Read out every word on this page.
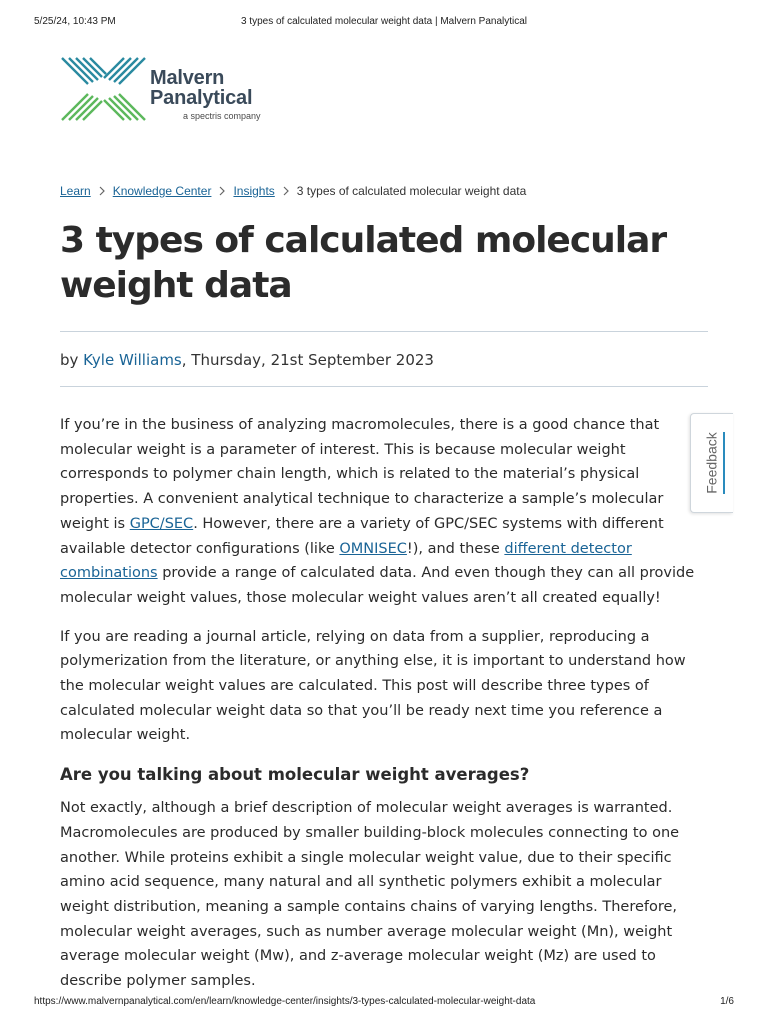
5/25/24, 10:43 PM	3 types of calculated molecular weight data | Malvern Panalytical
Malvern
Panalytical
a spectris company
Learn Knowledge Center Insights 3 types of calculated molecular weight data
3 types of calculated molecular weight data
by Kyle Williams, Thursday, 21st September 2023

If you’re in the business of analyzing macromolecules, there is a good chance that molecular weight is a parameter of interest. This is because molecular weight corresponds to polymer chain length, which is related to the material’s physical properties. A convenient analytical technique to characterize a sample’s molecular weight is GPC/SEC. However, there are a variety of GPC/SEC systems with different available detector configurations (like OMNISEC!), and these different detector combinations provide a range of calculated data. And even though they can all provide molecular weight values, those molecular weight values aren’t all created equally!

If you are reading a journal article, relying on data from a supplier, reproducing a polymerization from the literature, or anything else, it is important to understand how the molecular weight values are calculated. This post will describe three types of calculated molecular weight data so that you’ll be ready next time you reference a molecular weight.

Are you talking about molecular weight averages?

Not exactly, although a brief description of molecular weight averages is warranted. Macromolecules are produced by smaller building-block molecules connecting to one another. While proteins exhibit a single molecular weight value, due to their specific amino acid sequence, many natural and all synthetic polymers exhibit a molecular weight distribution, meaning a sample contains chains of varying lengths. Therefore, molecular weight averages, such as number average molecular weight (Mn), weight average molecular weight (Mw), and z-average molecular weight (Mz) are used to describe polymer samples.

Feedback
https://www.malvernpanalytical.com/en/learn/knowledge-center/insights/3-types-calculated-molecular-weight-data	1/6
